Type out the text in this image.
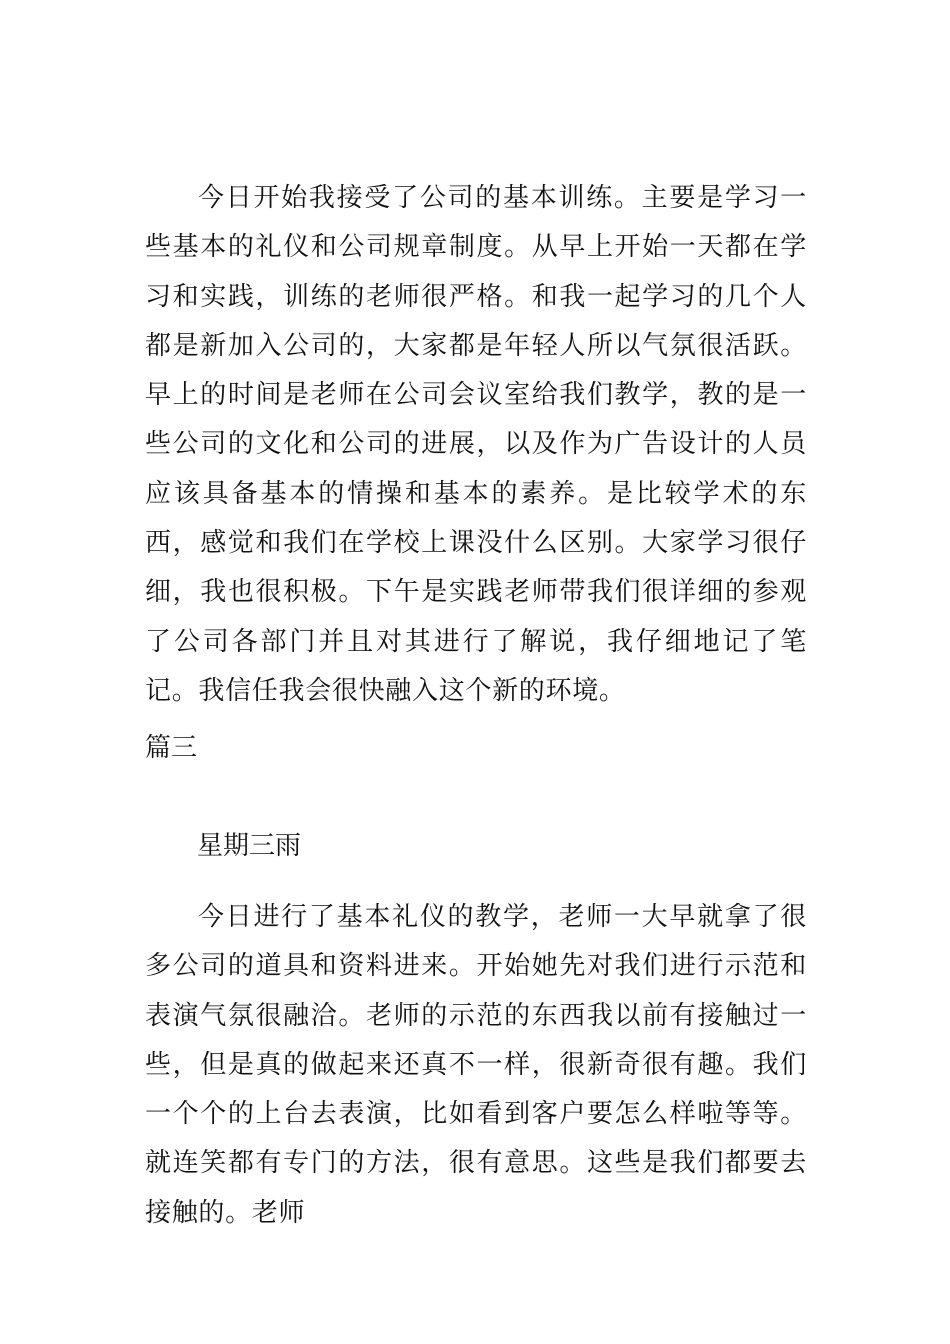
今日开始我接受了公司的基本训练。主要是学习一些基本的礼仪和公司规章制度。从早上开始一天都在学习和实践，训练的老师很严格。和我一起学习的几个人都是新加入公司的，大家都是年轻人所以气氛很活跃。早上的时间是老师在公司会议室给我们教学，教的是一些公司的文化和公司的进展，以及作为广告设计的人员应该具备基本的情操和基本的素养。是比较学术的东西，感觉和我们在学校上课没什么区别。大家学习很仔细，我也很积极。下午是实践老师带我们很详细的参观了公司各部门并且对其进行了解说，我仔细地记了笔记。我信任我会很快融入这个新的环境。

篇三

星期三雨

今日进行了基本礼仪的教学，老师一大早就拿了很多公司的道具和资料进来。开始她先对我们进行示范和表演气氛很融洽。老师的示范的东西我以前有接触过一些，但是真的做起来还真不一样，很新奇很有趣。我们一个个的上台去表演，比如看到客户要怎么样啦等等。就连笑都有专门的方法，很有意思。这些是我们都要去接触的。老师
